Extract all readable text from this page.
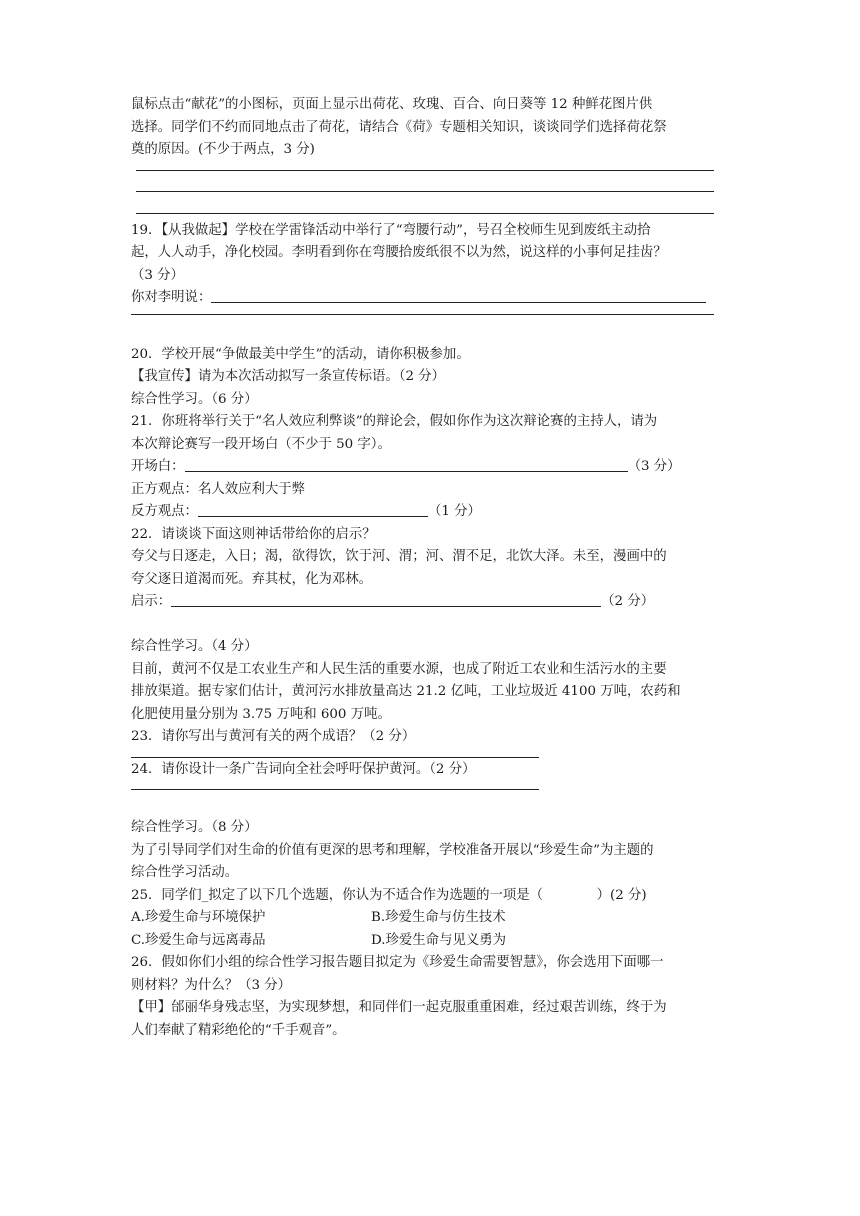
鼠标点击“献花”的小图标，页面上显示出荷花、玫瑰、百合、向日葵等 12 种鲜花图片供
选择。同学们不约而同地点击了荷花，请结合《荷》专题相关知识，谈谈同学们选择荷花祭
奠的原因。(不少于两点，3 分)
19．【从我做起】学校在学雷锋活动中举行了“弯腰行动”，号召全校师生见到废纸主动拾
起，人人动手，净化校园。李明看到你在弯腰拾废纸很不以为然，说这样的小事何足挂齿？
（3 分）
你对李明说：
20．学校开展“争做最美中学生”的活动，请你积极参加。
【我宣传】请为本次活动拟写一条宣传标语。（2 分）
综合性学习。（6 分）
21．你班将举行关于“名人效应利弊谈”的辩论会，假如你作为这次辩论赛的主持人，请为
本次辩论赛写一段开场白（不少于 50 字）。
开场白：	（3 分）
正方观点：名人效应利大于弊
反方观点：	（1 分）
22．请谈谈下面这则神话带给你的启示？
夸父与日逐走，入日；渴，欲得饮，饮于河、渭；河、渭不足，北饮大泽。未至，漫画中的
夸父逐日道渴而死。弃其杖，化为邓林。
启示：	（2 分）
综合性学习。（4 分）
目前，黄河不仅是工农业生产和人民生活的重要水源，也成了附近工农业和生活污水的主要
排放渠道。据专家们估计，黄河污水排放量高达 21.2 亿吨，工业垃圾近 4100 万吨，农药和
化肥使用量分别为 3.75 万吨和 600 万吨。
23．请你写出与黄河有关的两个成语？（2 分）
24．请你设计一条广告词向全社会呼吁保护黄河。（2 分）
综合性学习。（8 分）
为了引导同学们对生命的价值有更深的思考和理解，学校准备开展以“珍爱生命”为主题的
综合性学习活动。
25．同学们_拟定了以下几个选题，你认为不适合作为选题的一项是（　　　　）(2 分)
A.珍爱生命与环境保护	B.珍爱生命与仿生技术
C.珍爱生命与远离毒品	D.珍爱生命与见义勇为
26．假如你们小组的综合性学习报告题目拟定为《珍爱生命需要智慧》，你会选用下面哪一
则材料？为什么？（3 分）
【甲】邰丽华身残志坚，为实现梦想，和同伴们一起克服重重困难，经过艰苦训练，终于为
人们奉献了精彩绝伦的“千手观音”。
